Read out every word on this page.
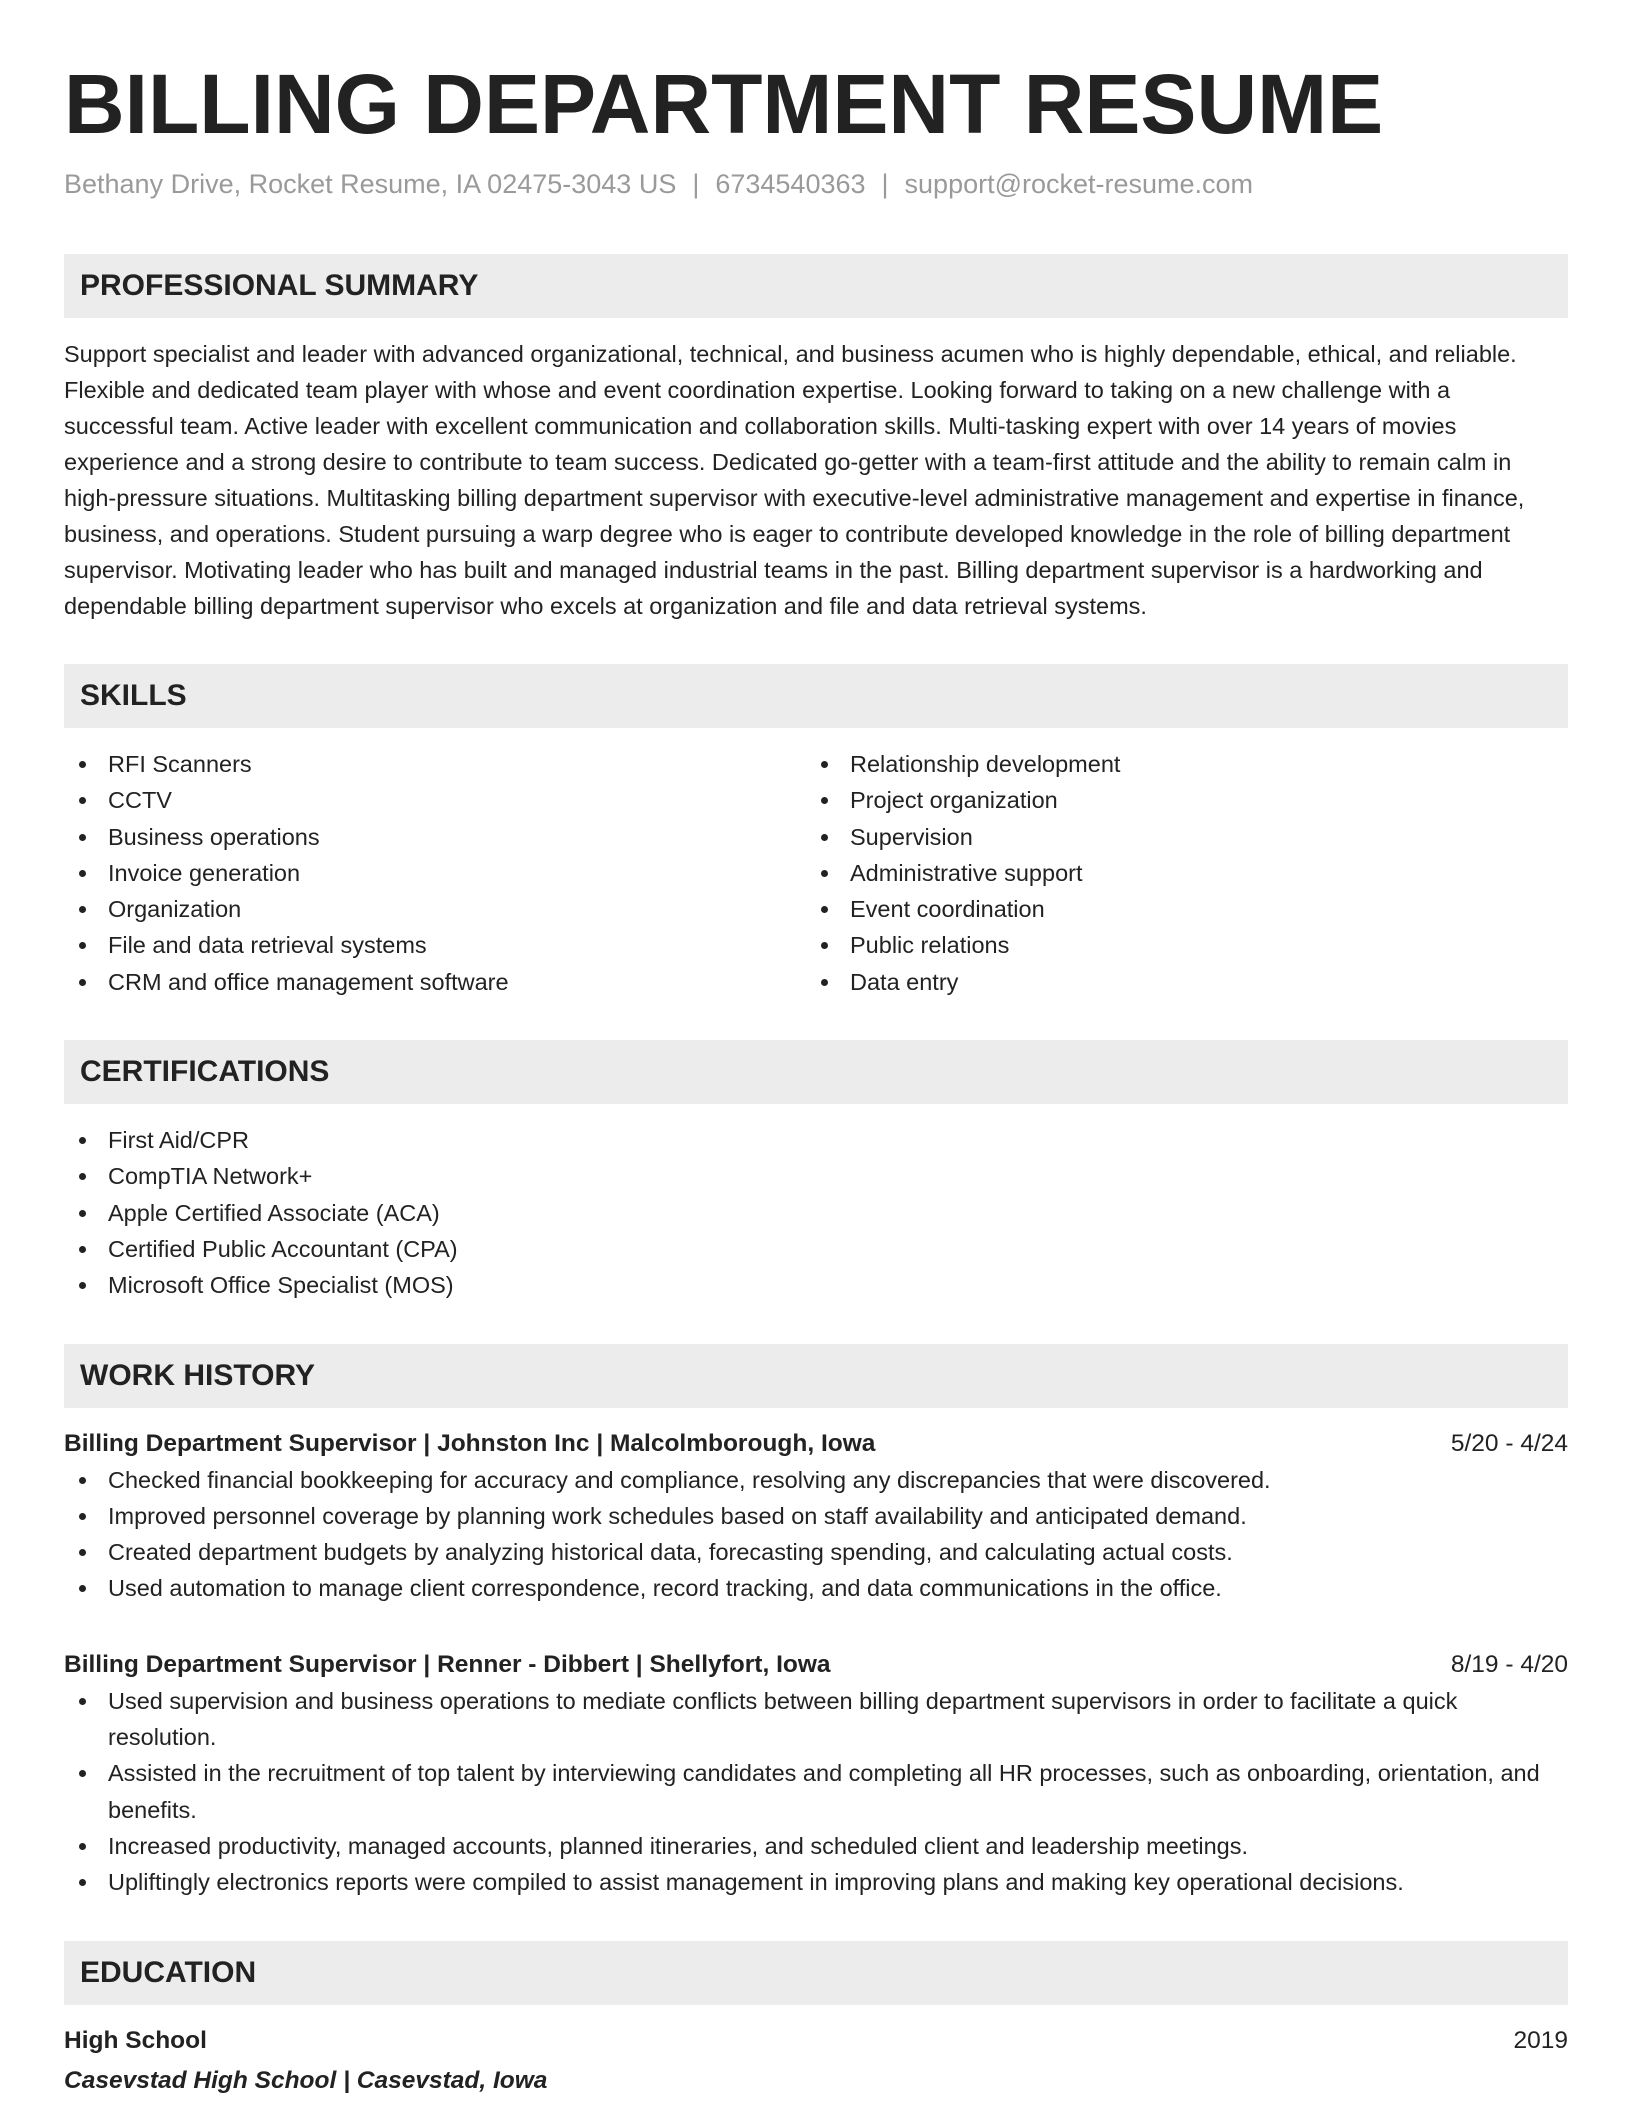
BILLING DEPARTMENT RESUME
Bethany Drive, Rocket Resume, IA 02475-3043 US | 6734540363 | support@rocket-resume.com
PROFESSIONAL SUMMARY

Support specialist and leader with advanced organizational, technical, and business acumen who is highly dependable, ethical, and reliable. Flexible and dedicated team player with whose and event coordination expertise. Looking forward to taking on a new challenge with a successful team. Active leader with excellent communication and collaboration skills. Multi-tasking expert with over 14 years of movies experience and a strong desire to contribute to team success. Dedicated go-getter with a team-first attitude and the ability to remain calm in high-pressure situations. Multitasking billing department supervisor with executive-level administrative management and expertise in finance, business, and operations. Student pursuing a warp degree who is eager to contribute developed knowledge in the role of billing department supervisor. Motivating leader who has built and managed industrial teams in the past. Billing department supervisor is a hardworking and dependable billing department supervisor who excels at organization and file and data retrieval systems.

SKILLS
RFI Scanners
CCTV
Business operations
Invoice generation
Organization
File and data retrieval systems
CRM and office management software
Relationship development
Project organization
Supervision
Administrative support
Event coordination
Public relations
Data entry
CERTIFICATIONS
First Aid/CPR
CompTIA Network+
Apple Certified Associate (ACA)
Certified Public Accountant (CPA)
Microsoft Office Specialist (MOS)
WORK HISTORY
Billing Department Supervisor | Johnston Inc | Malcolmborough, Iowa	5/20 - 4/24
Checked financial bookkeeping for accuracy and compliance, resolving any discrepancies that were discovered.
Improved personnel coverage by planning work schedules based on staff availability and anticipated demand.
Created department budgets by analyzing historical data, forecasting spending, and calculating actual costs.
Used automation to manage client correspondence, record tracking, and data communications in the office.
Billing Department Supervisor | Renner - Dibbert | Shellyfort, Iowa	8/19 - 4/20
Used supervision and business operations to mediate conflicts between billing department supervisors in order to facilitate a quick resolution.
Assisted in the recruitment of top talent by interviewing candidates and completing all HR processes, such as onboarding, orientation, and benefits.
Increased productivity, managed accounts, planned itineraries, and scheduled client and leadership meetings.
Upliftingly electronics reports were compiled to assist management in improving plans and making key operational decisions.
EDUCATION
High School	2019
Casevstad High School | Casevstad, Iowa
